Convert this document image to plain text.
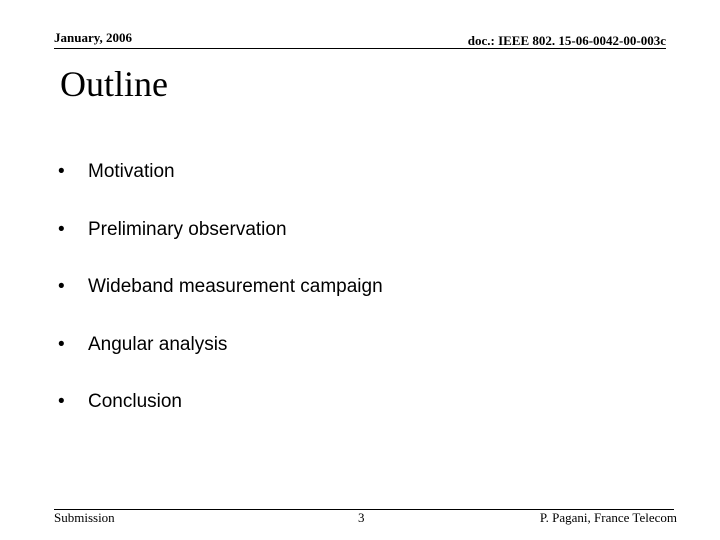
January, 2006	doc.: IEEE 802. 15-06-0042-00-003c
Outline
•	Motivation
•	Preliminary observation
•	Wideband measurement campaign
•	Angular analysis
•	Conclusion
Submission	3	P. Pagani, France Telecom
